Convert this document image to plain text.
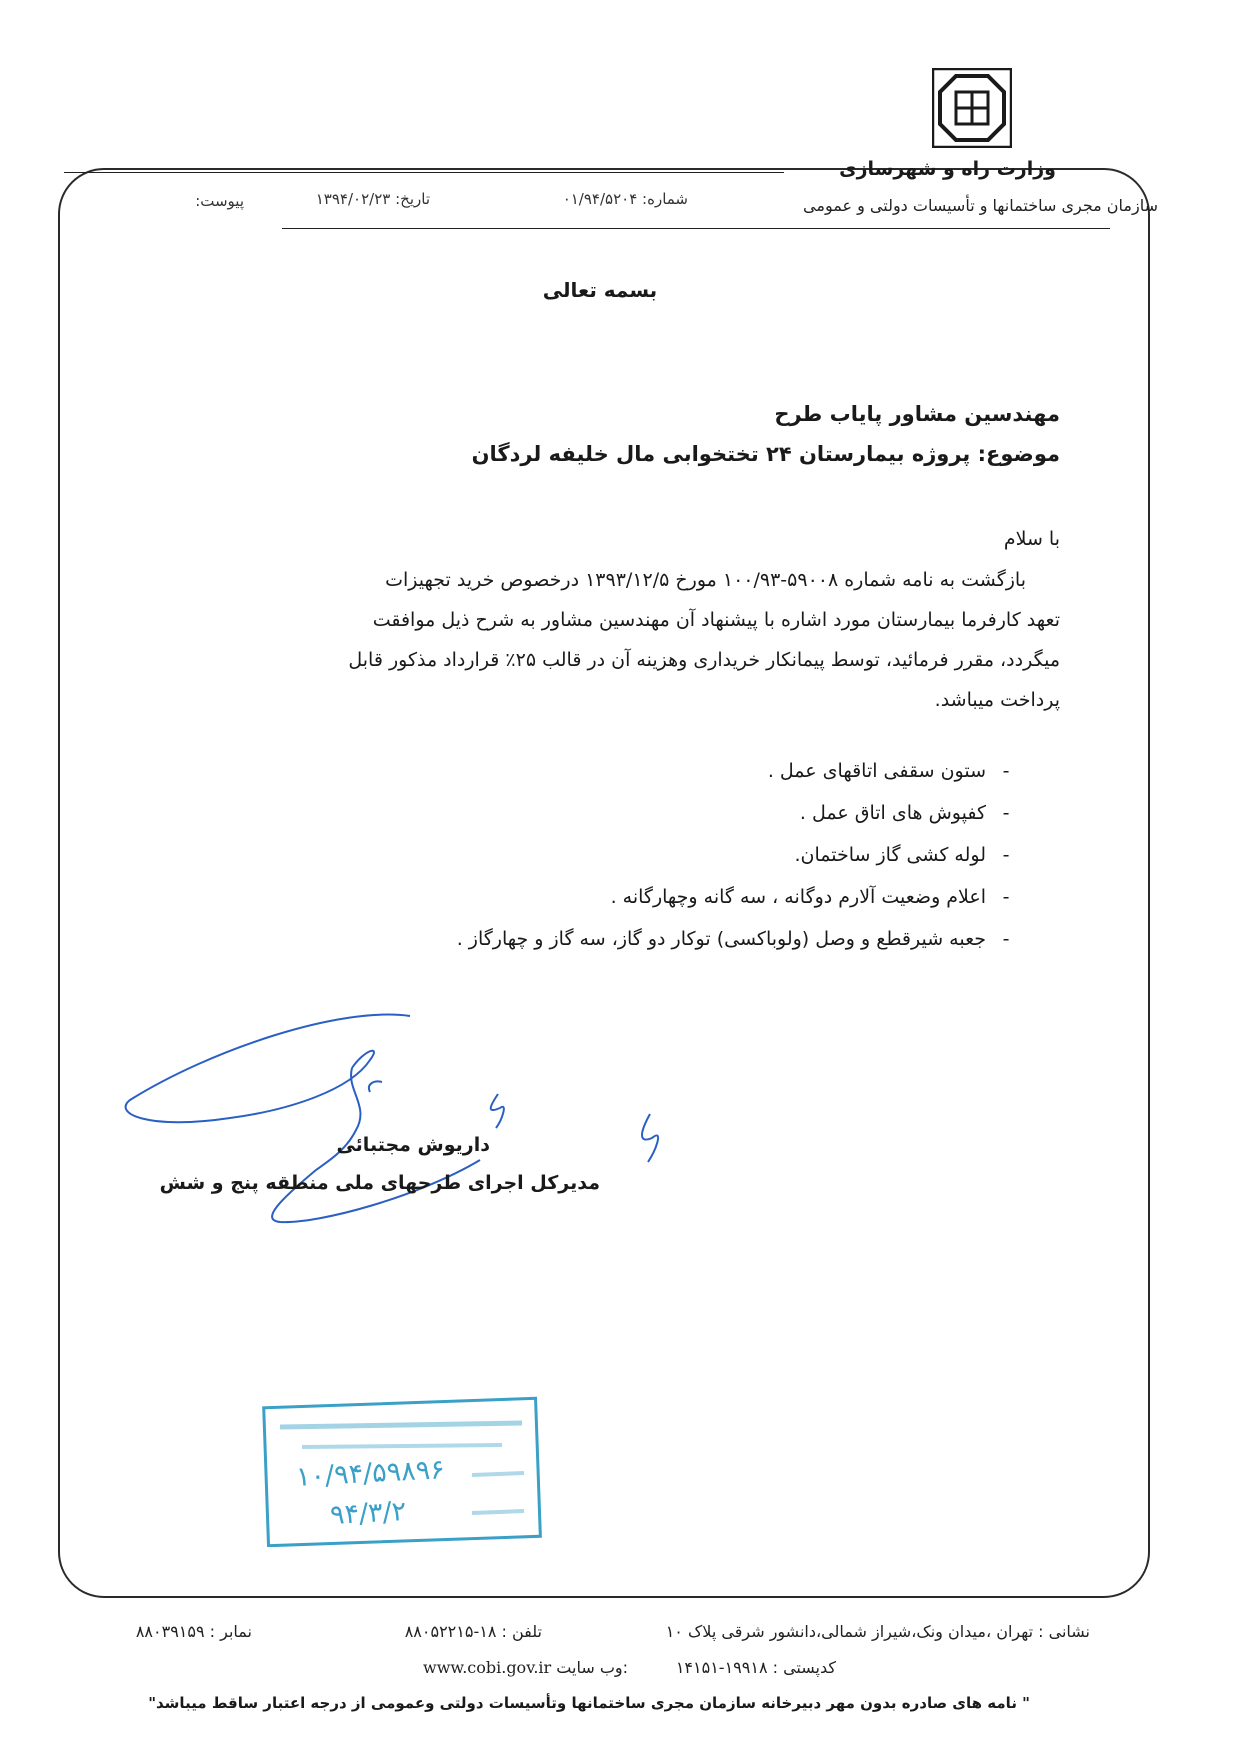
وزارت راه و شهرسازی
سازمان مجری ساختمانها و تأسیسات دولتی و عمومی
شماره: ۰۱/۹۴/۵۲۰۴
تاریخ: ۱۳۹۴/۰۲/۲۳
پیوست:
بسمه تعالی
مهندسین مشاور پایاب طرح
موضوع: پروژه بیمارستان ۲۴ تختخوابی مال خلیفه لردگان
با سلام
بازگشت به نامه شماره ۵۹۰۰۸-۱۰۰/۹۳ مورخ ۱۳۹۳/۱۲/۵ درخصوص خرید تجهیزات
تعهد کارفرما بیمارستان مورد اشاره با پیشنهاد آن مهندسین مشاور به شرح ذیل موافقت
میگردد، مقرر فرمائید، توسط پیمانکار خریداری وهزینه آن در قالب ۲۵٪ قرارداد مذکور قابل
پرداخت میباشد.
-ستون سقفی اتاقهای عمل .
-کفپوش های اتاق عمل .
-لوله کشی گاز ساختمان.
-اعلام وضعیت آلارم دوگانه ، سه گانه وچهارگانه .
-جعبه شیرقطع و وصل (ولوباکسی) توکار دو گاز، سه گاز و چهارگاز .
داریوش مجتبائی
مدیرکل اجرای طرحهای ملی منطقه پنج و شش
۱۰/۹۴/۵۹۸۹۶
۹۴/۳/۲
نشانی : تهران ،میدان ونک،شیراز شمالی،دانشور شرقی پلاک ۱۰
تلفن : ۱۸-۸۸۰۵۲۲۱۵
نمابر : ۸۸۰۳۹۱۵۹
کدپستی : ۱۹۹۱۸-۱۴۱۵۱
www.cobi.gov.ir وب سایت:
" نامه های صادره بدون مهر دبیرخانه سازمان مجری ساختمانها وتأسیسات دولتی وعمومی از درجه اعتبار ساقط میباشد"
